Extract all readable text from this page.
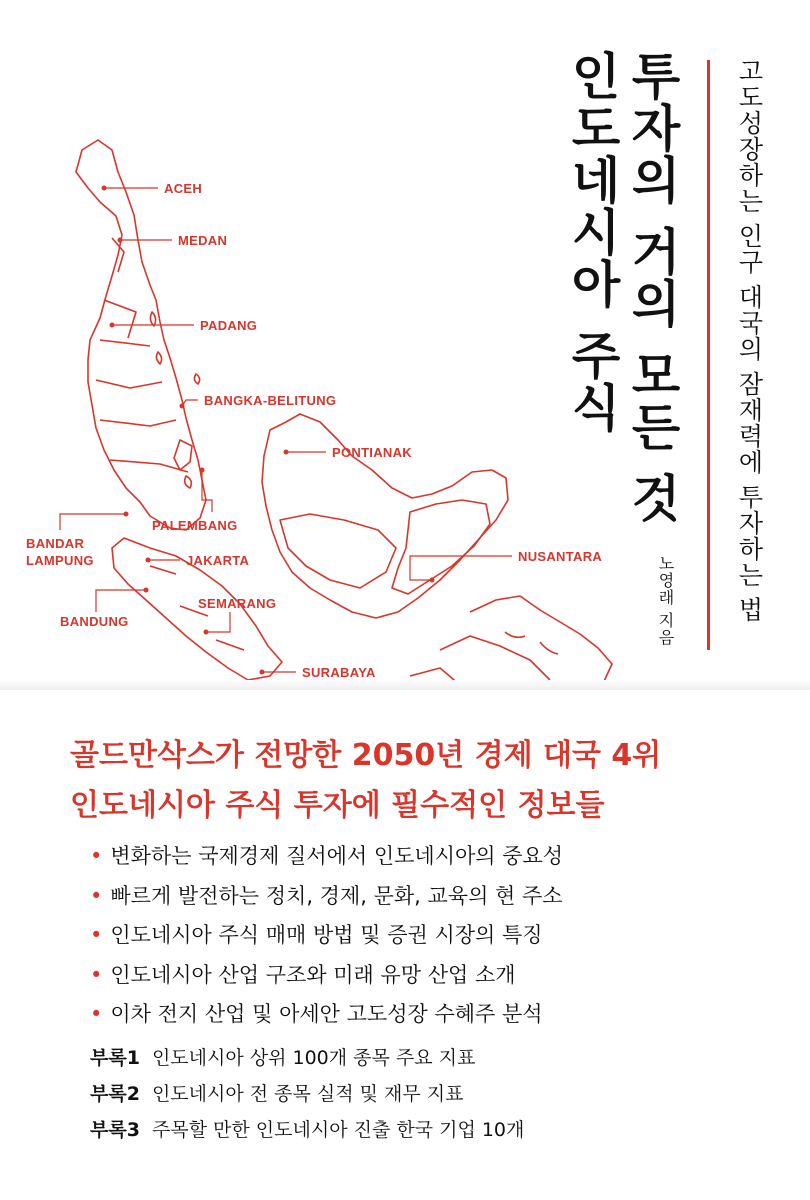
ACEH
MEDAN
PADANG
BANGKA-BELITUNG
PONTIANAK
PALEMBANG
BANDAR
LAMPUNG	JAKARTA	NUSANTARA
SEMARANG
BANDUNG
SURABAYA
투자의 거의 모든 것
인도네시아 주식	고도성장하는 인구 대국의 잠재력에 투자하는 법
노영래 지음
골드만삭스가 전망한 2050년 경제 대국 4위
인도네시아 주식 투자에 필수적인 정보들
• 변화하는 국제경제 질서에서 인도네시아의 중요성
• 빠르게 발전하는 정치, 경제, 문화, 교육의 현 주소
• 인도네시아 주식 매매 방법 및 증권 시장의 특징
• 인도네시아 산업 구조와 미래 유망 산업 소개
• 이차 전지 산업 및 아세안 고도성장 수혜주 분석
부록1 인도네시아 상위 100개 종목 주요 지표
부록2 인도네시아 전 종목 실적 및 재무 지표
부록3 주목할 만한 인도네시아 진출 한국 기업 10개
